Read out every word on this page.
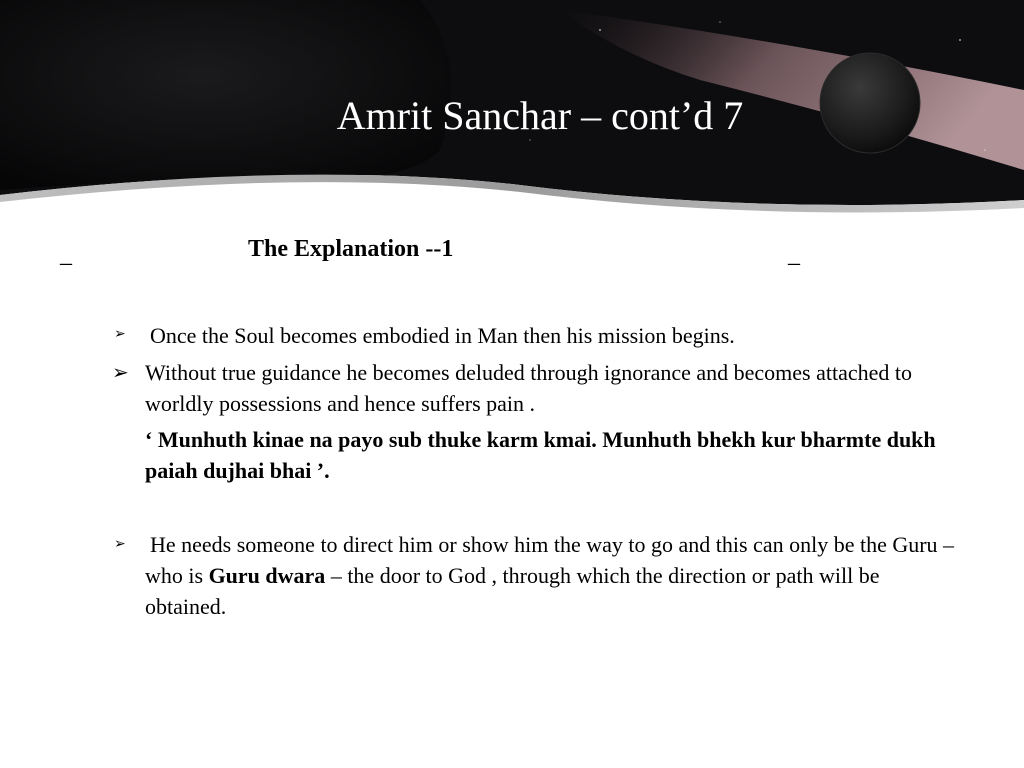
Amrit Sanchar – cont’d 7
_	The Explanation --1	_
➢ Once the Soul becomes embodied in Man then his mission begins.
➢ Without true guidance he becomes deluded through ignorance and becomes attached to worldly possessions and hence suffers pain .
‘ Munhuth kinae na payo sub thuke karm kmai. Munhuth bhekh kur bharmte dukh paiah dujhai bhai ’.
➢ He needs someone to direct him or show him the way to go and this can only be the Guru – who is Guru dwara – the door to God , through which the direction or path will be obtained.
